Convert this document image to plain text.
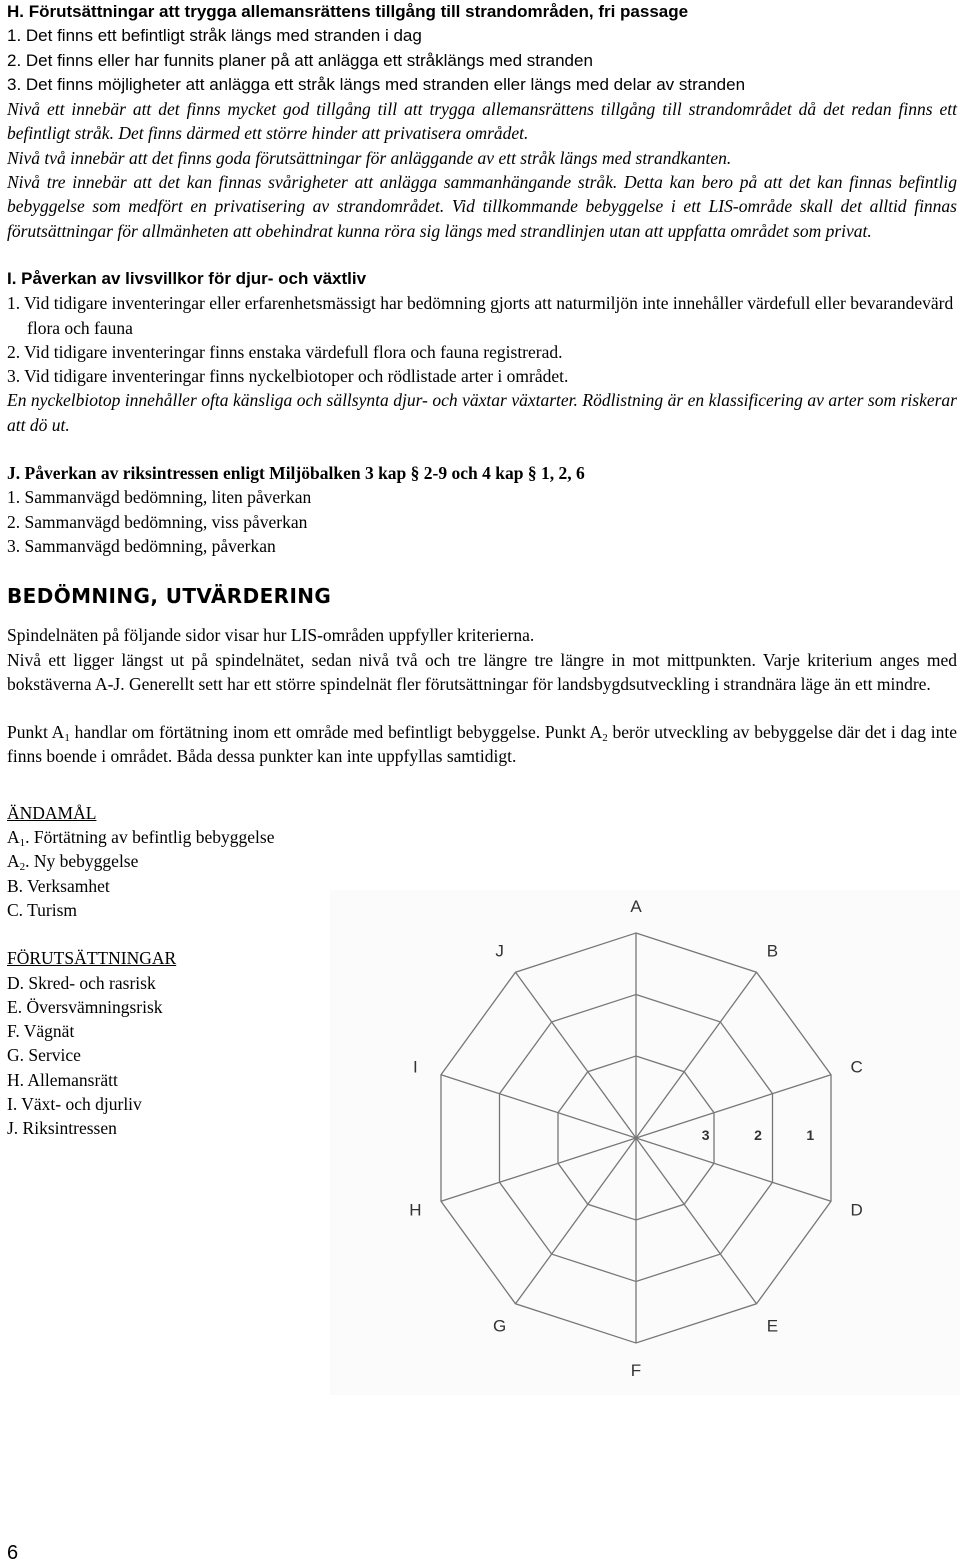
H. Förutsättningar att trygga allemansrättens tillgång till strandområden, fri passage
1. Det finns ett befintligt stråk längs med stranden i dag
2. Det finns eller har funnits planer på att anlägga ett stråklängs med stranden
3. Det finns möjligheter att anlägga ett stråk längs med stranden eller längs med delar av stranden

Nivå ett innebär att det finns mycket god tillgång till att trygga allemansrättens tillgång till strandområdet då det redan finns ett befintligt stråk. Det finns därmed ett större hinder att privatisera området.

Nivå två innebär att det finns goda förutsättningar för anläggande av ett stråk längs med strandkanten.

Nivå tre innebär att det kan finnas svårigheter att anlägga sammanhängande stråk. Detta kan bero på att det kan finnas befintlig bebyggelse som medfört en privatisering av strandområdet. Vid tillkommande bebyggelse i ett LIS-område skall det alltid finnas förutsättningar för allmänheten att obehindrat kunna röra sig längs med strandlinjen utan att uppfatta området som privat.

I. Påverkan av livsvillkor för djur- och växtliv
1. Vid tidigare inventeringar eller erfarenhetsmässigt har bedömning gjorts att naturmiljön inte innehåller värdefull eller bevarandevärd flora och fauna
2. Vid tidigare inventeringar finns enstaka värdefull flora och fauna registrerad.
3. Vid tidigare inventeringar finns nyckelbiotoper och rödlistade arter i området.

En nyckelbiotop innehåller ofta känsliga och sällsynta djur- och växtar växtarter. Rödlistning är en klassificering av arter som riskerar att dö ut.

J. Påverkan av riksintressen enligt Miljöbalken 3 kap § 2-9 och 4 kap § 1, 2, 6
1. Sammanvägd bedömning, liten påverkan
2. Sammanvägd bedömning, viss påverkan
3. Sammanvägd bedömning, påverkan
BEDÖMNING, UTVÄRDERING

Spindelnäten på följande sidor visar hur LIS-områden uppfyller kriterierna.

Nivå ett ligger längst ut på spindelnätet, sedan nivå två och tre längre tre längre in mot mittpunkten. Varje kriterium anges med bokstäverna A-J. Generellt sett har ett större spindelnät fler förutsättningar för landsbygdsutveckling i strandnära läge än ett mindre.

Punkt $A_1$ handlar om förtätning inom ett område med befintligt bebyggelse. Punkt $A_2$ berör utveckling av bebyggelse där det i dag inte finns boende i området. Båda dessa punkter kan inte uppfyllas samtidigt.

ÄNDAMÅL
$A_1$. Förtätning av befintlig bebyggelse
$A_2$. Ny bebyggelse
B. Verksamhet
C. Turism
FÖRUTSÄTTNINGAR
D. Skred- och rasrisk
E. Översvämningsrisk
F. Vägnät
G. Service
H. Allemansrätt
I. Växt- och djurliv
J. Riksintressen
A
B
C
D
E
F
G
H
I
J
1
2
3
6
